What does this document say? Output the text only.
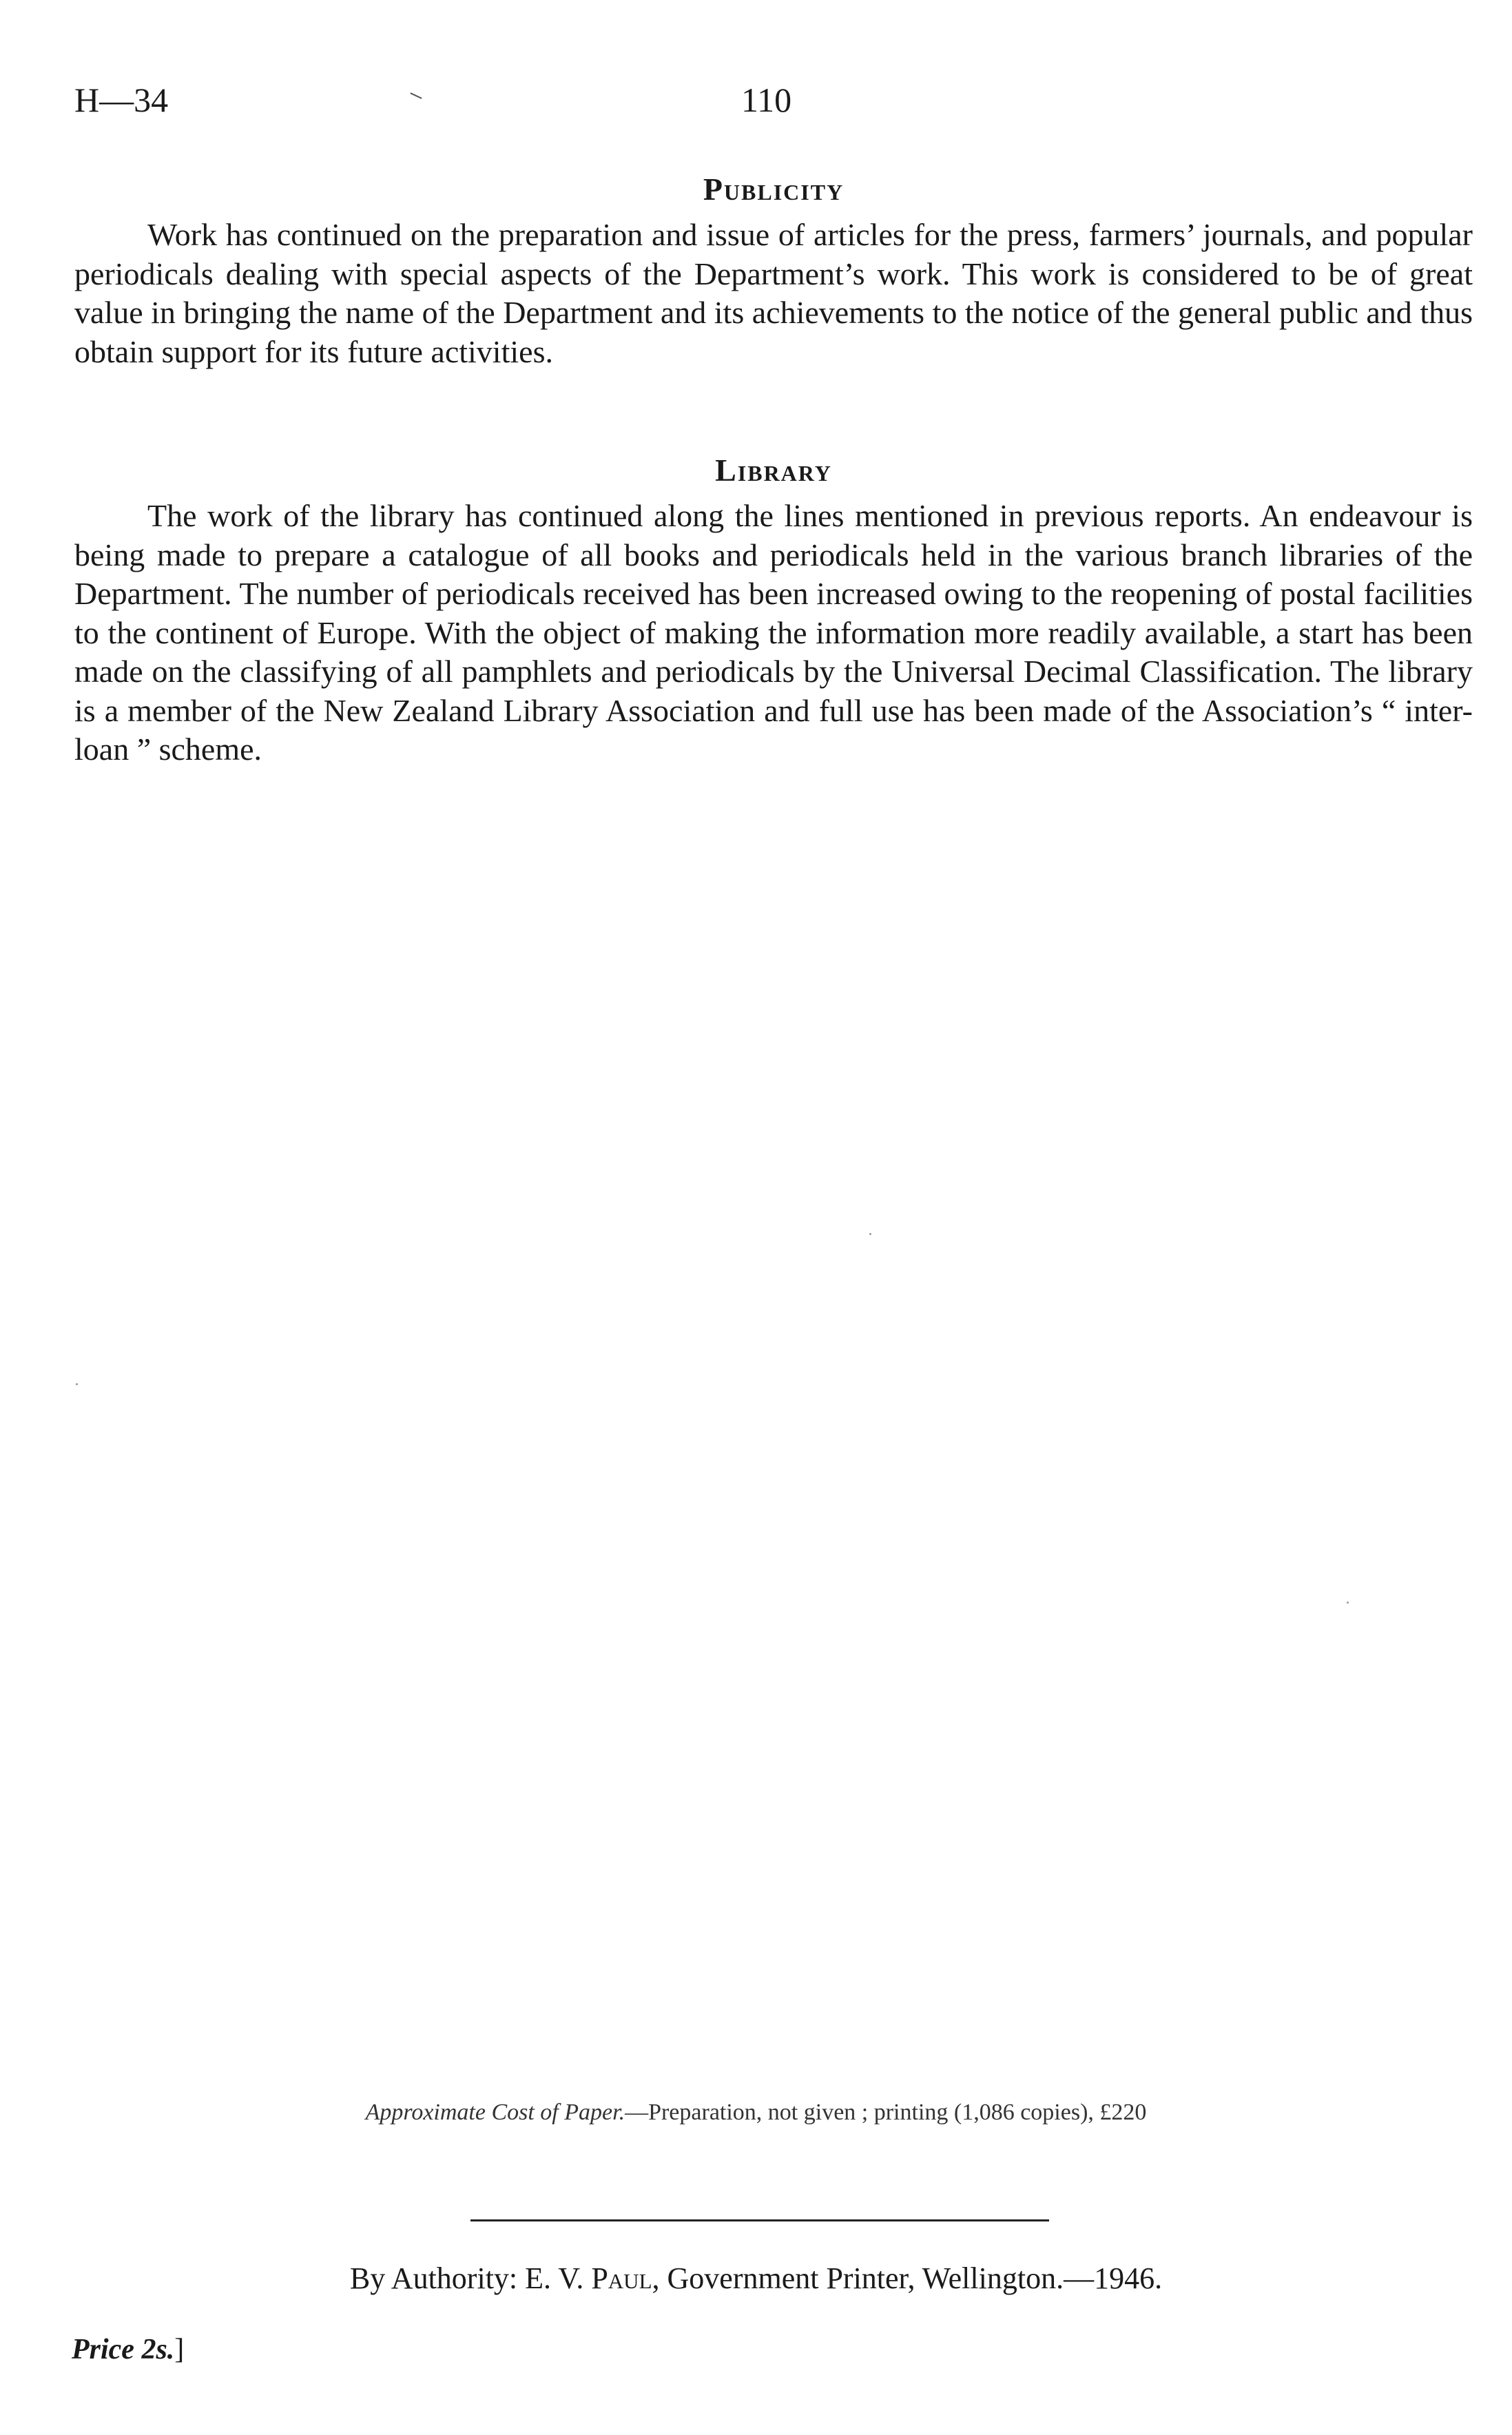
H—34	110
Publicity

Work has continued on the preparation and issue of articles for the press, farmers’ journals, and popular periodicals dealing with special aspects of the Department’s work. This work is considered to be of great value in bringing the name of the Department and its achievements to the notice of the general public and thus obtain support for its future activities.

Library

The work of the library has continued along the lines mentioned in previous reports. An endeavour is being made to prepare a catalogue of all books and periodicals held in the various branch libraries of the Department. The number of periodicals received has been increased owing to the reopening of postal facilities to the continent of Europe. With the object of making the information more readily available, a start has been made on the classifying of all pamphlets and periodicals by the Universal Decimal Classification. The library is a member of the New Zealand Library Association and full use has been made of the Association’s “ inter-loan ” scheme.

Approximate Cost of Paper.—Preparation, not given ; printing (1,086 copies), £220
By Authority: E. V. Paul, Government Printer, Wellington.—1946.
Price 2s.]
